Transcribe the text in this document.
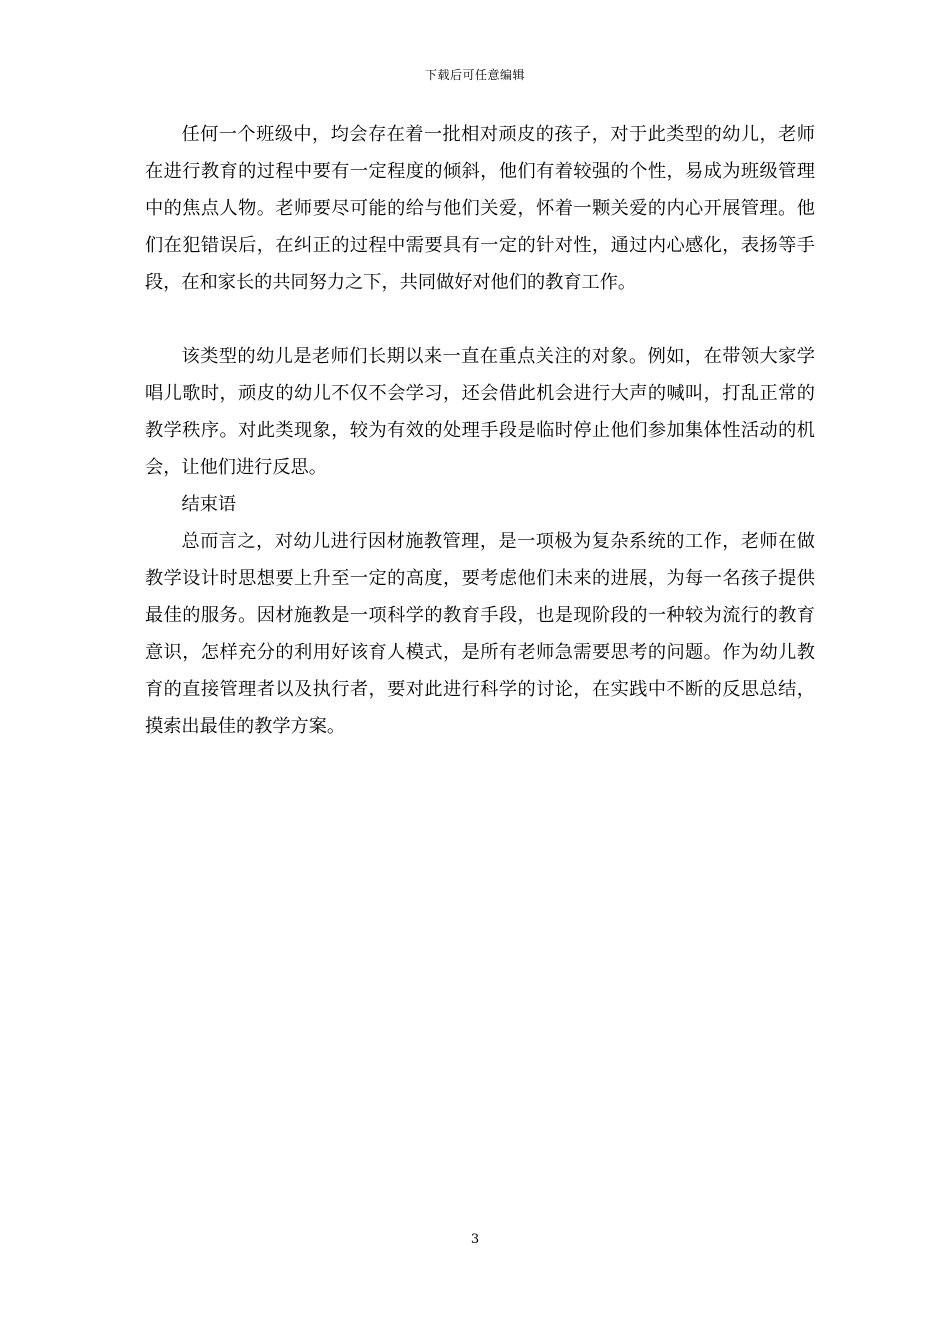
下载后可任意编辑

任何一个班级中，均会存在着一批相对顽皮的孩子，对于此类型的幼儿，老师在进行教育的过程中要有一定程度的倾斜，他们有着较强的个性，易成为班级管理中的焦点人物。老师要尽可能的给与他们关爱，怀着一颗关爱的内心开展管理。他们在犯错误后，在纠正的过程中需要具有一定的针对性，通过内心感化，表扬等手段，在和家长的共同努力之下，共同做好对他们的教育工作。

该类型的幼儿是老师们长期以来一直在重点关注的对象。例如，在带领大家学唱儿歌时，顽皮的幼儿不仅不会学习，还会借此机会进行大声的喊叫，打乱正常的教学秩序。对此类现象，较为有效的处理手段是临时停止他们参加集体性活动的机会，让他们进行反思。

结束语

总而言之，对幼儿进行因材施教管理，是一项极为复杂系统的工作，老师在做教学设计时思想要上升至一定的高度，要考虑他们未来的进展，为每一名孩子提供最佳的服务。因材施教是一项科学的教育手段，也是现阶段的一种较为流行的教育意识，怎样充分的利用好该育人模式，是所有老师急需要思考的问题。作为幼儿教育的直接管理者以及执行者，要对此进行科学的讨论，在实践中不断的反思总结，摸索出最佳的教学方案。

3
